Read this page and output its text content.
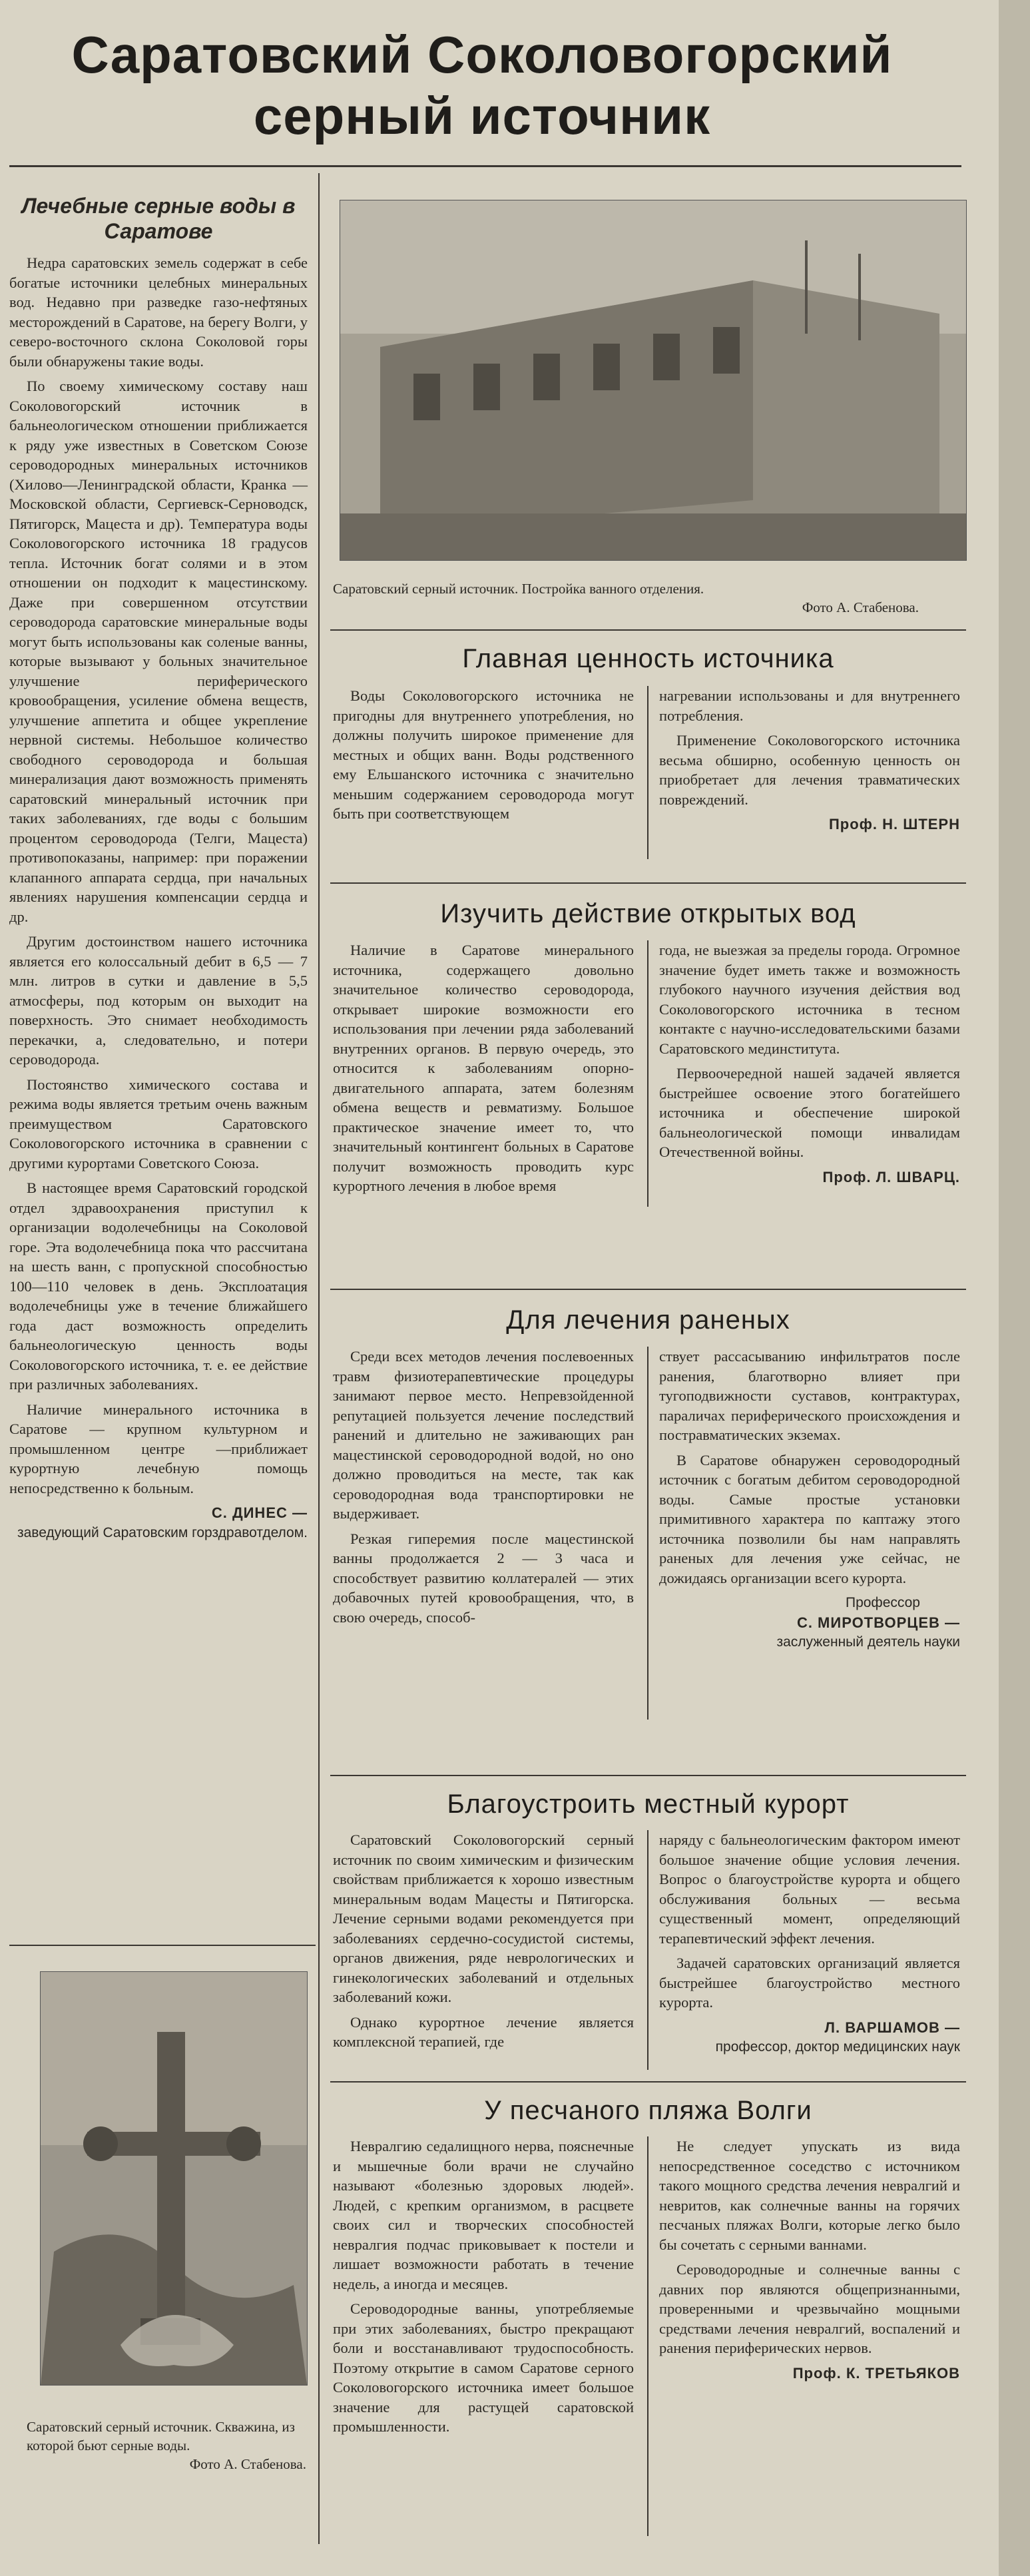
Саратовский Соколовогорский
серный источник
Лечебные серные воды в Саратове

Недра саратовских земель содержат в себе богатые источники целебных минеральных вод. Недавно при разведке газо-нефтяных месторождений в Саратове, на берегу Волги, у северо-восточного склона Соколовой горы были обнаружены такие воды.

По своему химическому составу наш Соколовогорский источник в бальнеологическом отношении приближается к ряду уже известных в Советском Союзе сероводородных минеральных источников (Хилово—Ленинградской области, Кранка — Московской области, Сергиевск-Серноводск, Пятигорск, Мацеста и др). Температура воды Соколовогорского источника 18 градусов тепла. Источник богат солями и в этом отношении он подходит к мацестинскому. Даже при совершенном отсутствии сероводорода саратовские минеральные воды могут быть использованы как соленые ванны, которые вызывают у больных значительное улучшение периферического кровообращения, усиление обмена веществ, улучшение аппетита и общее укрепление нервной системы. Небольшое количество свободного сероводорода и большая минерализация дают возможность применять саратовский минеральный источник при таких заболеваниях, где воды с большим процентом сероводорода (Телги, Мацеста) противопоказаны, например: при поражении клапанного аппарата сердца, при начальных явлениях нарушения компенсации сердца и др.

Другим достоинством нашего источника является его колоссальный дебит в 6,5 — 7 млн. литров в сутки и давление в 5,5 атмосферы, под которым он выходит на поверхность. Это снимает необходимость перекачки, а, следовательно, и потери сероводорода.

Постоянство химического состава и режима воды является третьим очень важным преимуществом Саратовского Соколовогорского источника в сравнении с другими курортами Советского Союза.

В настоящее время Саратовский городской отдел здравоохранения приступил к организации водолечебницы на Соколовой горе. Эта водолечебница пока что рассчитана на шесть ванн, с пропускной способностью 100—110 человек в день. Эксплоатация водолечебницы уже в течение ближайшего года даст возможность определить бальнеологическую ценность воды Соколовогорского источника, т. е. ее действие при различных заболеваниях.

Наличие минерального источника в Саратове — крупном культурном и промышленном центре —приближает курортную лечебную помощь непосредственно к больным.

С. ДИНЕС —
заведующий Саратовским горздравотделом.
Саратовский серный источник. Скважина, из которой бьют серные воды.
Фото А. Стабенова.
Саратовский серный источник. Постройка ванного отделения.
Фото А. Стабенова.
Главная ценность источника

Воды Соколовогорского источника не пригодны для внутреннего употребления, но должны получить широкое применение для местных и общих ванн. Воды родственного ему Ельшанского источника с значительно меньшим содержанием сероводорода могут быть при соответствующем

нагревании использованы и для внутреннего потребления.

Применение Соколовогорского источника весьма обширно, особенную ценность он приобретает для лечения травматических повреждений.

Проф. Н. ШТЕРН
Изучить действие открытых вод

Наличие в Саратове минерального источника, содержащего довольно значительное количество сероводорода, открывает широкие возможности его использования при лечении ряда заболеваний внутренних органов. В первую очередь, это относится к заболеваниям опорно-двигательного аппарата, затем болезням обмена веществ и ревматизму. Большое практическое значение имеет то, что значительный контингент больных в Саратове получит возможность проводить курс курортного лечения в любое время

года, не выезжая за пределы города. Огромное значение будет иметь также и возможность глубокого научного изучения действия вод Соколовогорского источника в тесном контакте с научно-исследовательскими базами Саратовского мединститута.

Первоочередной нашей задачей является быстрейшее освоение этого богатейшего источника и обеспечение широкой бальнеологической помощи инвалидам Отечественной войны.

Проф. Л. ШВАРЦ.
Для лечения раненых

Среди всех методов лечения послевоенных травм физиотерапевтические процедуры занимают первое место. Непревзойденной репутацией пользуется лечение последствий ранений и длительно не заживающих ран мацестинской сероводородной водой, но оно должно проводиться на месте, так как сероводородная вода транспортировки не выдерживает.

Резкая гиперемия после мацестинской ванны продолжается 2 — 3 часа и способствует развитию коллатералей — этих добавочных путей кровообращения, что, в свою очередь, способ-

ствует рассасыванию инфильтратов после ранения, благотворно влияет при тугоподвижности суставов, контрактурах, параличах периферического происхождения и постравматических экземах.

В Саратове обнаружен сероводородный источник с богатым дебитом сероводородной воды. Самые простые установки примитивного характера по каптажу этого источника позволили бы нам направлять раненых для лечения уже сейчас, не дожидаясь организации всего курорта.

Профессор
С. МИРОТВОРЦЕВ —
заслуженный деятель науки
Благоустроить местный курорт

Саратовский Соколовогорский серный источник по своим химическим и физическим свойствам приближается к хорошо известным минеральным водам Мацесты и Пятигорска. Лечение серными водами рекомендуется при заболеваниях сердечно-сосудистой системы, органов движения, ряде неврологических и гинекологических заболеваний и отдельных заболеваний кожи.

Однако курортное лечение является комплексной терапией, где

наряду с бальнеологическим фактором имеют большое значение общие условия лечения. Вопрос о благоустройстве курорта и общего обслуживания больных — весьма существенный момент, определяющий терапевтический эффект лечения.

Задачей саратовских организаций является быстрейшее благоустройство местного курорта.

Л. ВАРШАМОВ —
профессор, доктор медицинских наук
У песчаного пляжа Волги

Невралгию седалищного нерва, пояснечные и мышечные боли врачи не случайно называют «болезнью здоровых людей». Людей, с крепким организмом, в расцвете своих сил и творческих способностей невралгия подчас приковывает к постели и лишает возможности работать в течение недель, а иногда и месяцев.

Сероводородные ванны, употребляемые при этих заболеваниях, быстро прекращают боли и восстанавливают трудоспособность. Поэтому открытие в самом Саратове серного Соколовогорского источника имеет большое значение для растущей саратовской промышленности.

Не следует упускать из вида непосредственное соседство с источником такого мощного средства лечения невралгий и невритов, как солнечные ванны на горячих песчаных пляжах Волги, которые легко было бы сочетать с серными ваннами.

Сероводородные и солнечные ванны с давних пор являются общепризнанными, проверенными и чрезвычайно мощными средствами лечения невралгий, воспалений и ранения периферических нервов.

Проф. К. ТРЕТЬЯКОВ
